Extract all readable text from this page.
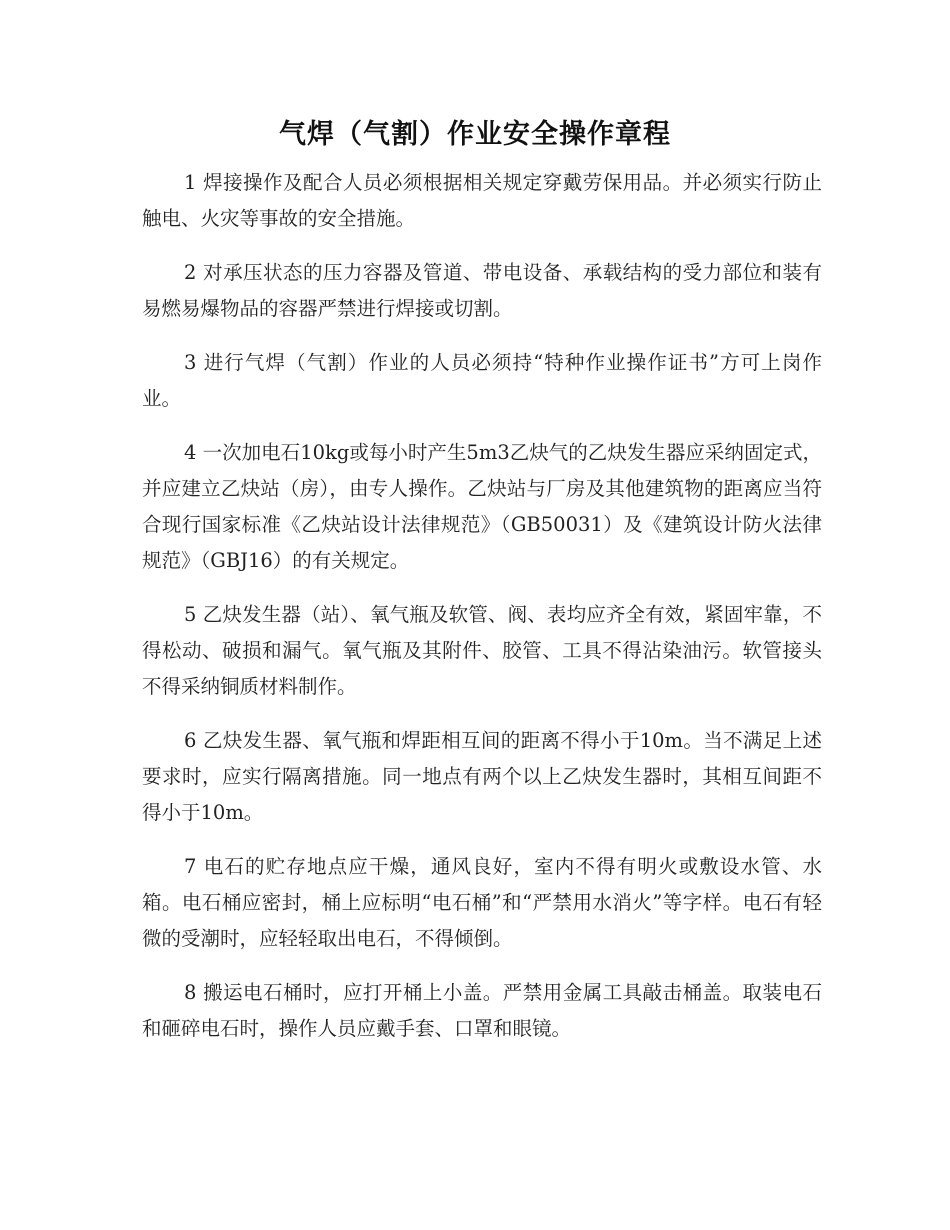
气焊（气割）作业安全操作章程

1 焊接操作及配合人员必须根据相关规定穿戴劳保用品。并必须实行防止触电、火灾等事故的安全措施。

2 对承压状态的压力容器及管道、带电设备、承载结构的受力部位和装有易燃易爆物品的容器严禁进行焊接或切割。

3 进行气焊（气割）作业的人员必须持“特种作业操作证书”方可上岗作业。

4 一次加电石10kg或每小时产生5m3乙炔气的乙炔发生器应采纳固定式，并应建立乙炔站（房），由专人操作。乙炔站与厂房及其他建筑物的距离应当符合现行国家标准《乙炔站设计法律规范》（GB50031）及《建筑设计防火法律规范》（GBJ16）的有关规定。

5 乙炔发生器（站）、氧气瓶及软管、阀、表均应齐全有效，紧固牢靠，不得松动、破损和漏气。氧气瓶及其附件、胶管、工具不得沾染油污。软管接头不得采纳铜质材料制作。

6 乙炔发生器、氧气瓶和焊距相互间的距离不得小于10m。当不满足上述要求时，应实行隔离措施。同一地点有两个以上乙炔发生器时，其相互间距不得小于10m。

7 电石的贮存地点应干燥，通风良好，室内不得有明火或敷设水管、水箱。电石桶应密封，桶上应标明“电石桶”和“严禁用水消火”等字样。电石有轻微的受潮时，应轻轻取出电石，不得倾倒。

8 搬运电石桶时，应打开桶上小盖。严禁用金属工具敲击桶盖。取装电石和砸碎电石时，操作人员应戴手套、口罩和眼镜。
